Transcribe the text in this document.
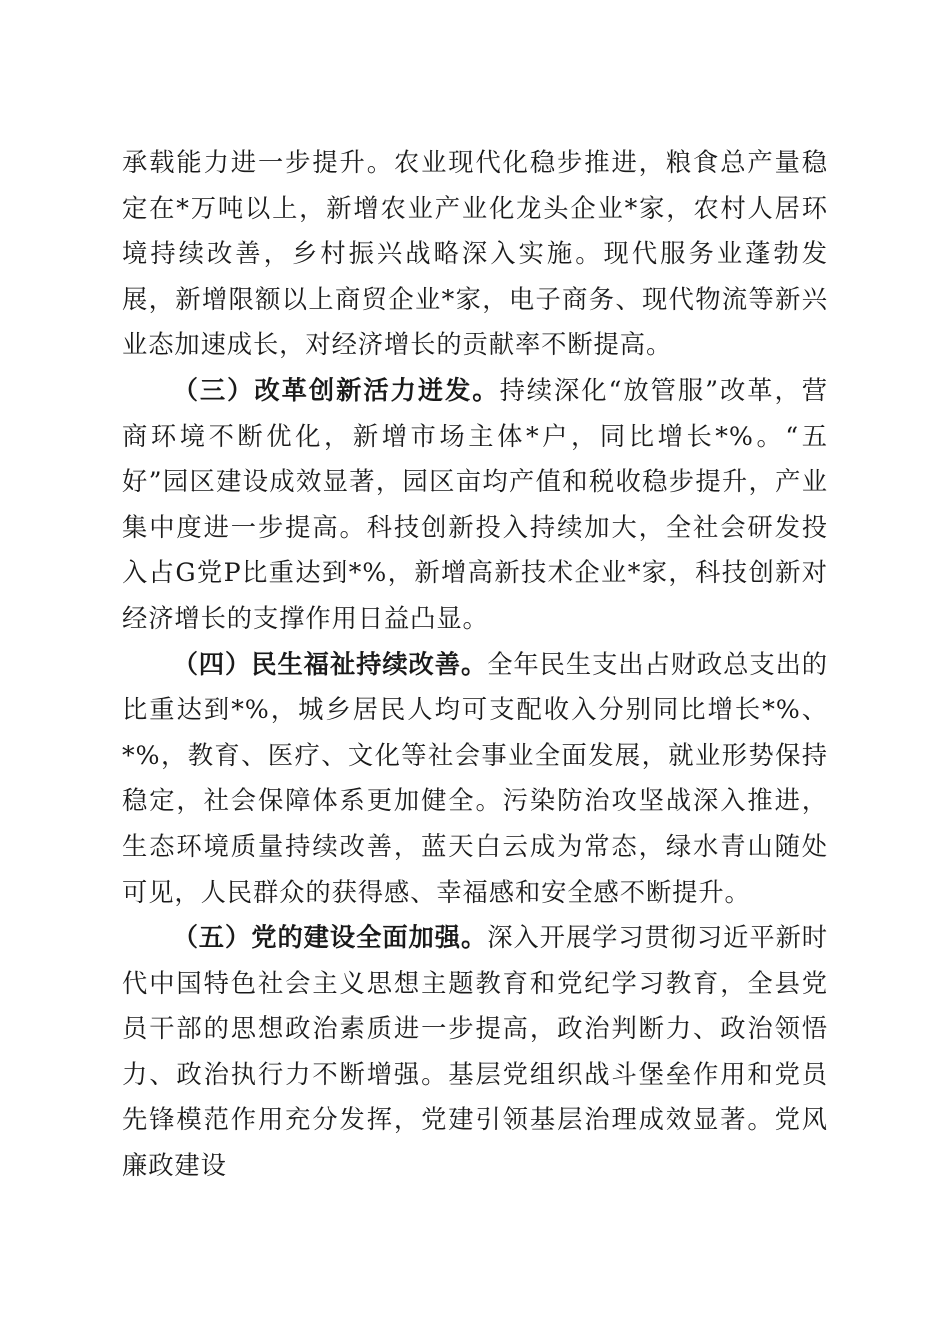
承载能力进一步提升。农业现代化稳步推进，粮食总产量稳定在*万吨以上，新增农业产业化龙头企业*家，农村人居环境持续改善，乡村振兴战略深入实施。现代服务业蓬勃发展，新增限额以上商贸企业*家，电子商务、现代物流等新兴业态加速成长，对经济增长的贡献率不断提高。

（三）改革创新活力迸发。持续深化“放管服”改革，营商环境不断优化，新增市场主体*户，同比增长*%。“五好”园区建设成效显著，园区亩均产值和税收稳步提升，产业集中度进一步提高。科技创新投入持续加大，全社会研发投入占G党P比重达到*%，新增高新技术企业*家，科技创新对经济增长的支撑作用日益凸显。

（四）民生福祉持续改善。全年民生支出占财政总支出的比重达到*%，城乡居民人均可支配收入分别同比增长*%、*%，教育、医疗、文化等社会事业全面发展，就业形势保持稳定，社会保障体系更加健全。污染防治攻坚战深入推进，生态环境质量持续改善，蓝天白云成为常态，绿水青山随处可见，人民群众的获得感、幸福感和安全感不断提升。

（五）党的建设全面加强。深入开展学习贯彻习近平新时代中国特色社会主义思想主题教育和党纪学习教育，全县党员干部的思想政治素质进一步提高，政治判断力、政治领悟力、政治执行力不断增强。基层党组织战斗堡垒作用和党员先锋模范作用充分发挥，党建引领基层治理成效显著。党风廉政建设
